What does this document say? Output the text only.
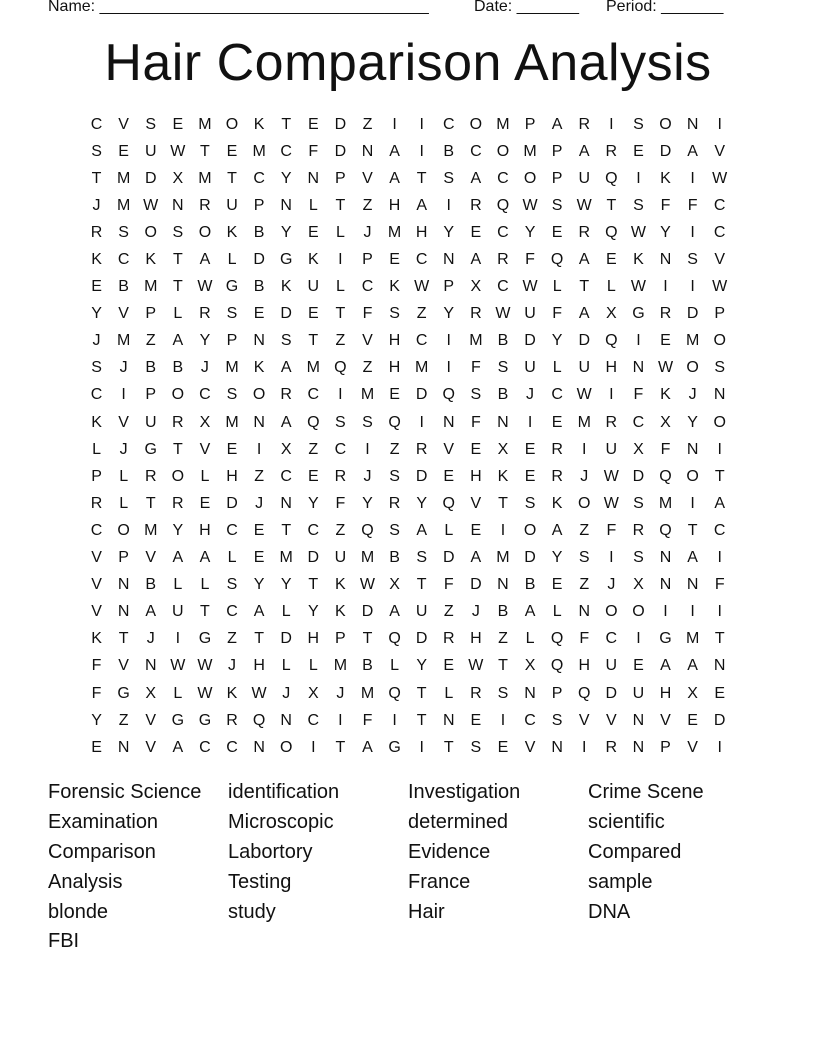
Name: _____________________________________	Date: _______ Period: _______
Hair Comparison Analysis
C V	S	E M O K	T	E D	Z	I	I	C O M P	A R	I	S O N	I
S	E U W T	E M C	F	D N A	I	B C O M P	A R E D A	V
T M D X M T	C Y N P	V	A	T	S	A C O P U Q	I	K	I	W
J	M W N R U P N	L	T	Z	H A	I	R Q W S W T	S	F	F	C
R S O S O K	B	Y	E	L	J	M H Y	E C Y	E R Q W Y	I	C
K C K	T	A	L	D G K	I	P	E C N A R	F Q A	E	K N S	V
E	B M T W G B	K U	L	C K W P	X C W L	T	L W	I	I	W
Y	V	P	L	R S	E D E	T	F	S	Z	Y R W U	F	A	X G R D P
J	M Z	A	Y	P N S	T	Z	V H C	I	M B D Y D Q	I	E M O
S	J	B	B	J	M K	A M Q Z	H M	I	F	S U	L	U H N W O S
C	I	P O C S O R C	I	M E D Q S	B	J	C W	I	F	K	J	N
K	V U R X M N A Q S	S Q	I	N	F	N	I	E M R C X	Y O
L	J	G T	V	E	I	X	Z	C	I	Z	R V	E	X	E R	I	U X	F	N	I
P	L	R O	L	H	Z	C E R	J	S D E H K	E R	J W D Q O T
R	L	T	R E D	J	N Y	F	Y R Y Q V	T	S	K O W S M	I	A
C O M Y H C E	T	C	Z Q S	A	L	E	I	O A	Z	F	R Q T	C
V	P	V	A	A	L	E M D U M B	S D A M D Y	S	I	S N A	I
V N B	L	L	S	Y	Y	T	K W X	T	F	D N B	E	Z	J	X N N	F
V N A U	T	C A	L	Y	K D A U	Z	J	B	A	L	N O O	I	I	I
K	T	J	I	G Z	T	D H P	T Q D R H	Z	L	Q F	C	I	G M T
F	V N W W J	H	L	L M B	L	Y	E W T	X Q H U E	A	A N
F G X	L W K W J	X	J	M Q T	L	R S N P Q D U H X	E
Y	Z	V G G R Q N C	I	F	I	T	N E	I	C S	V	V N V	E D
E N V	A C C N O	I	T	A G	I	T	S	E	V N	I	R N P	V	I
Forensic Science	identification	Investigation	Crime Scene
Examination	Microscopic	determined	scientific
Comparison	Labortory	Evidence	Compared
Analysis	Testing	France	sample
blonde	study	Hair	DNA
FBI
